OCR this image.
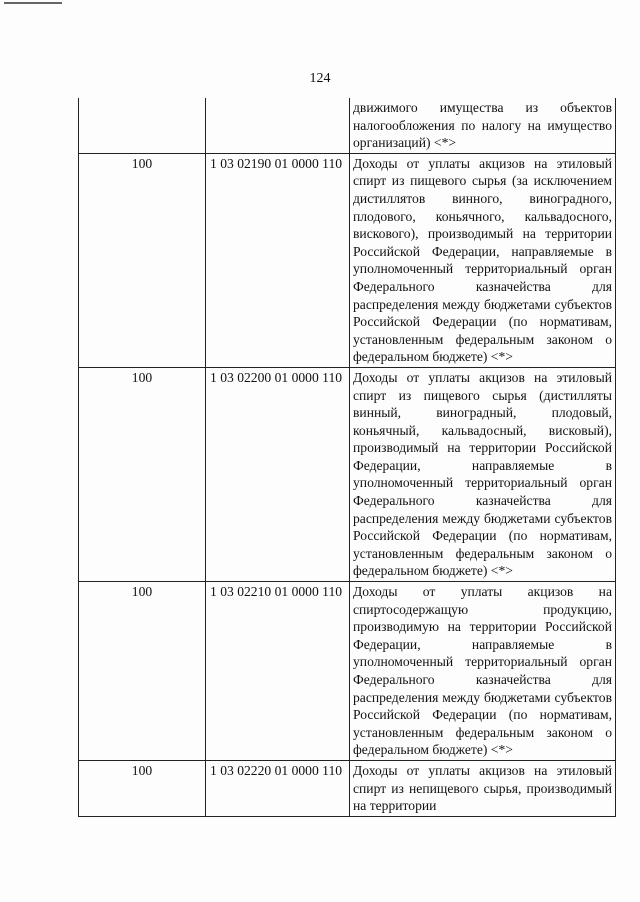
124
		движимого имущества из объектов налогообложения по налогу на имущество организаций) <*>
100	1 03 02190 01 0000 110	Доходы от уплаты акцизов на этиловый спирт из пищевого сырья (за исключением дистиллятов винного, виноградного, плодового, коньячного, кальвадосного, вискового), производимый на территории Российской Федерации, направляемые в уполномоченный территориальный орган Федерального казначейства для распределения между бюджетами субъектов Российской Федерации (по нормативам, установленным федеральным законом о федеральном бюджете) <*>
100	1 03 02200 01 0000 110	Доходы от уплаты акцизов на этиловый спирт из пищевого сырья (дистилляты винный, виноградный, плодовый, коньячный, кальвадосный, висковый), производимый на территории Российской Федерации, направляемые в уполномоченный территориальный орган Федерального казначейства для распределения между бюджетами субъектов Российской Федерации (по нормативам, установленным федеральным законом о федеральном бюджете) <*>
100	1 03 02210 01 0000 110	Доходы от уплаты акцизов на спиртосодержащую продукцию, производимую на территории Российской Федерации, направляемые в уполномоченный территориальный орган Федерального казначейства для распределения между бюджетами субъектов Российской Федерации (по нормативам, установленным федеральным законом о федеральном бюджете) <*>
100	1 03 02220 01 0000 110	Доходы от уплаты акцизов на этиловый спирт из непищевого сырья, производимый на территории
